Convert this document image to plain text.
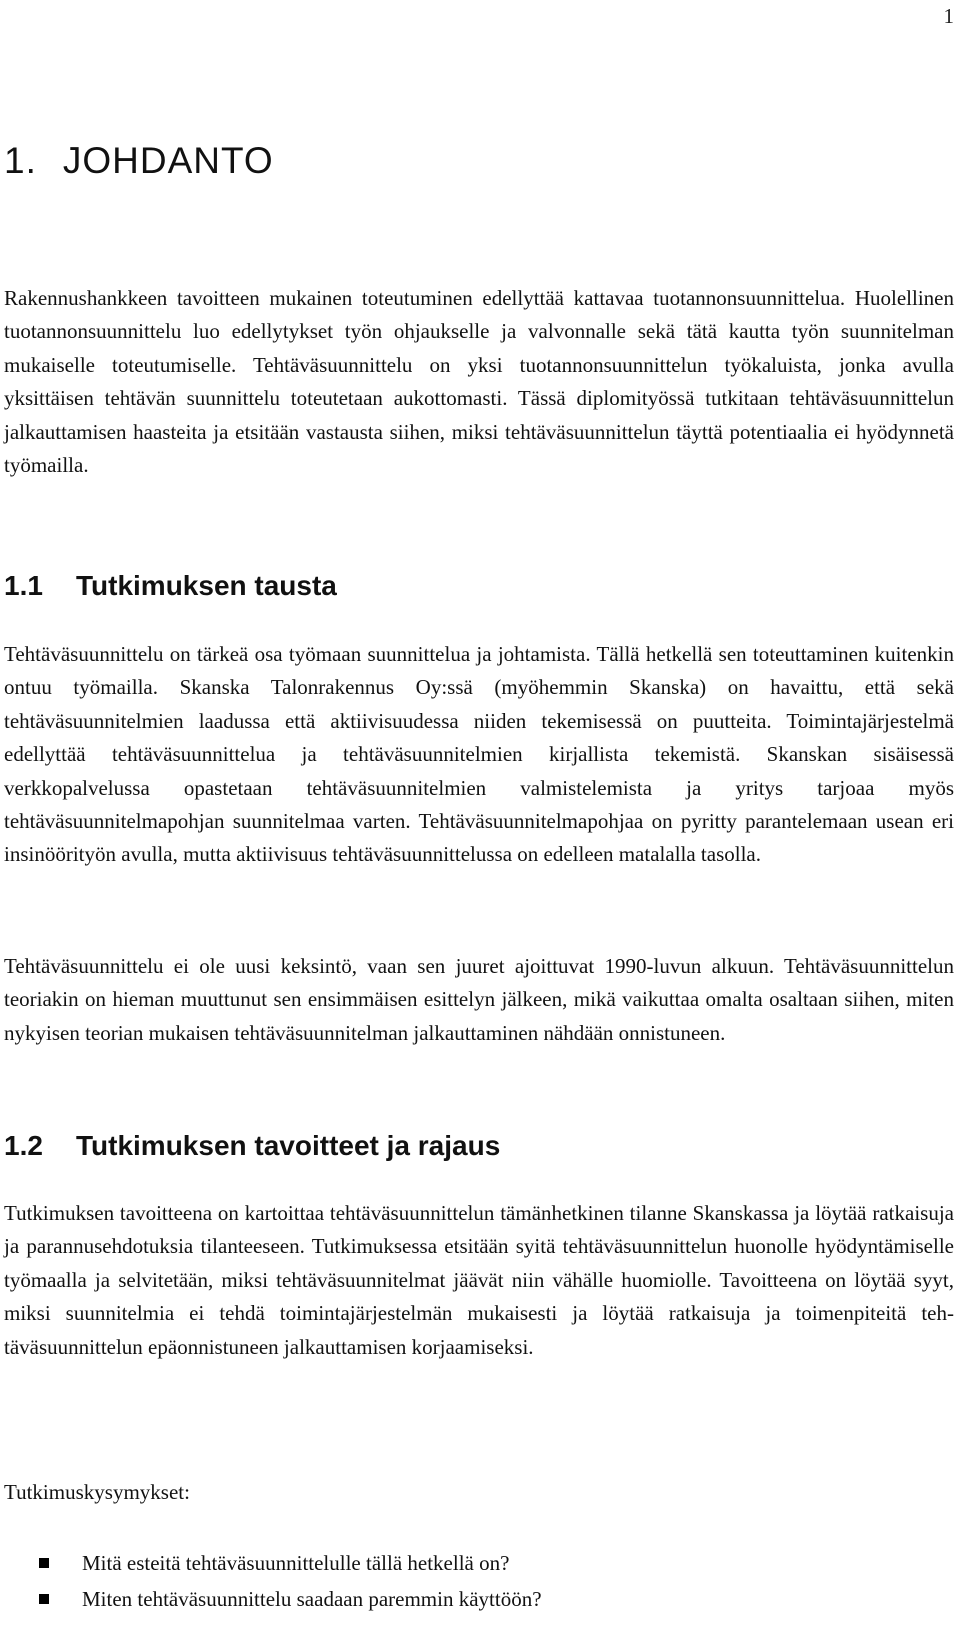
1
1. JOHDANTO

Rakennushankkeen tavoitteen mukainen toteutuminen edellyttää kattavaa tuotannonsuunnittelua. Huolellinen tuotannonsuunnittelu luo edellytykset työn ohjaukselle ja valvonnalle sekä tätä kautta työn suunnitelman mukaiselle toteutumiselle. Tehtäväsuunnittelu on yksi tuotannonsuunnittelun työkaluista, jonka avulla yksittäisen tehtävän suunnittelu toteutetaan aukottomasti. Tässä diplomityössä tutkitaan tehtäväsuunnittelun jalkauttamisen haasteita ja etsitään vastausta siihen, miksi tehtäväsuunnittelun täyttä potentiaalia ei hyödynnetä työmailla.

1.1 Tutkimuksen tausta

Tehtäväsuunnittelu on tärkeä osa työmaan suunnittelua ja johtamista. Tällä hetkellä sen toteuttaminen kuitenkin ontuu työmailla. Skanska Talonrakennus Oy:ssä (myöhemmin Skanska) on havaittu, että sekä tehtäväsuunnitelmien laadussa että aktiivisuudessa niiden tekemisessä on puutteita. Toimintajärjestelmä edellyttää tehtäväsuunnittelua ja tehtäväsuunnitelmien kirjallista tekemistä. Skanskan sisäisessä verkkopalvelussa opastetaan tehtäväsuunnitelmien valmistelemista ja yritys tarjoaa myös tehtäväsuunnitelmapohjan suunnitelmaa varten. Tehtäväsuunnitelmapohjaa on pyritty parantelemaan usean eri insinöörityön avulla, mutta aktiivisuus tehtäväsuunnittelussa on edelleen matalalla tasolla.

Tehtäväsuunnittelu ei ole uusi keksintö, vaan sen juuret ajoittuvat 1990-luvun alkuun. Tehtäväsuunnittelun teoriakin on hieman muuttunut sen ensimmäisen esittelyn jälkeen, mikä vaikuttaa omalta osaltaan siihen, miten nykyisen teorian mukaisen tehtäväsuunnitelman jalkauttaminen nähdään onnistuneen.

1.2 Tutkimuksen tavoitteet ja rajaus

Tutkimuksen tavoitteena on kartoittaa tehtäväsuunnittelun tämänhetkinen tilanne Skanskassa ja löytää ratkaisuja ja parannusehdotuksia tilanteeseen. Tutkimuksessa etsitään syitä tehtäväsuunnittelun huonolle hyödyntämiselle työmaalla ja selvitetään, miksi tehtäväsuunnitelmat jäävät niin vähälle huomiolle. Tavoitteena on löytää syyt, miksi suunnitelmia ei tehdä toimintajärjestelmän mukaisesti ja löytää ratkaisuja ja toimenpiteitä tehtäväsuunnittelun epäonnistuneen jalkauttamisen korjaamiseksi.

Tutkimuskysymykset:

Mitä esteitä tehtäväsuunnittelulle tällä hetkellä on?
Miten tehtäväsuunnittelu saadaan paremmin käyttöön?
